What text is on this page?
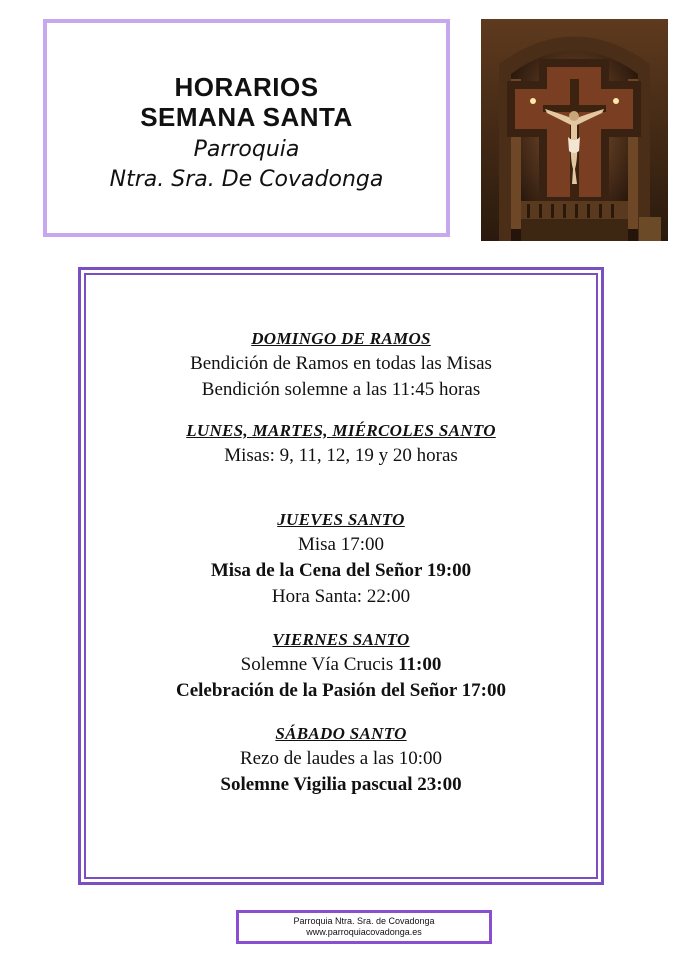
HORARIOS
SEMANA SANTA
Parroquia
Ntra. Sra. De Covadonga
DOMINGO DE RAMOS
Bendición de Ramos en todas las Misas
Bendición solemne a las 11:45 horas
LUNES, MARTES, MIÉRCOLES SANTO
Misas: 9, 11, 12, 19 y 20 horas
JUEVES SANTO
Misa 17:00
Misa de la Cena del Señor 19:00
Hora Santa: 22:00
VIERNES SANTO
Solemne Vía Crucis 11:00
Celebración de la Pasión del Señor 17:00
SÁBADO SANTO
Rezo de laudes a las 10:00
Solemne Vigilia pascual 23:00
Parroquia Ntra. Sra. de Covadonga
www.parroquiacovadonga.es
